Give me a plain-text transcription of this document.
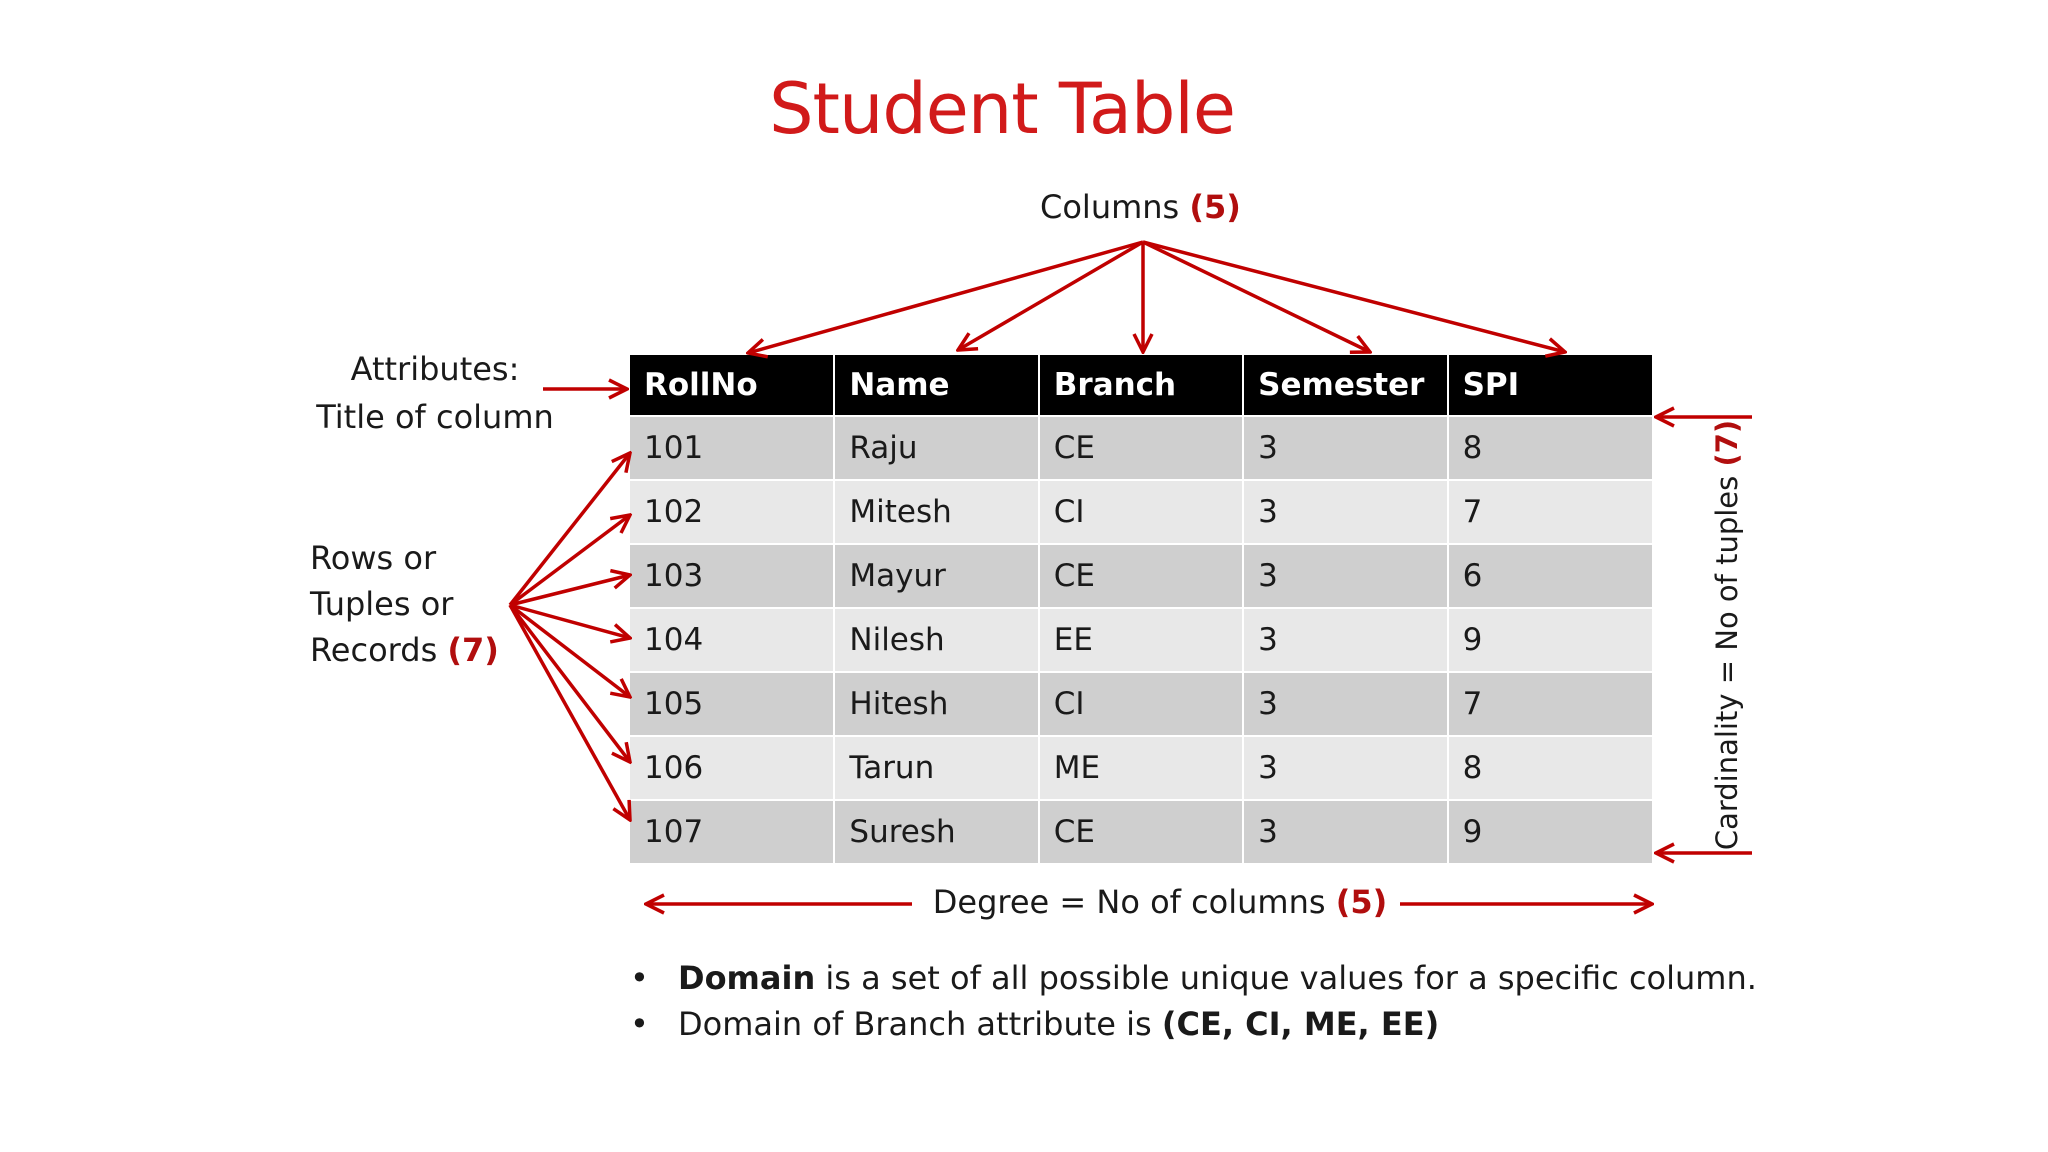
Student Table
Columns (5)
Attributes:
Title of column
Rows or
Tuples or
Records (7)
RollNo	Name	Branch	Semester	SPI
101	Raju	CE	3	8
102	Mitesh	CI	3	7
103	Mayur	CE	3	6
104	Nilesh	EE	3	9
105	Hitesh	CI	3	7
106	Tarun	ME	3	8
107	Suresh	CE	3	9
Degree = No of columns (5)
Cardinality = No of tuples (7)
• Domain is a set of all possible unique values for a specific column.
• Domain of Branch attribute is (CE, CI, ME, EE)
